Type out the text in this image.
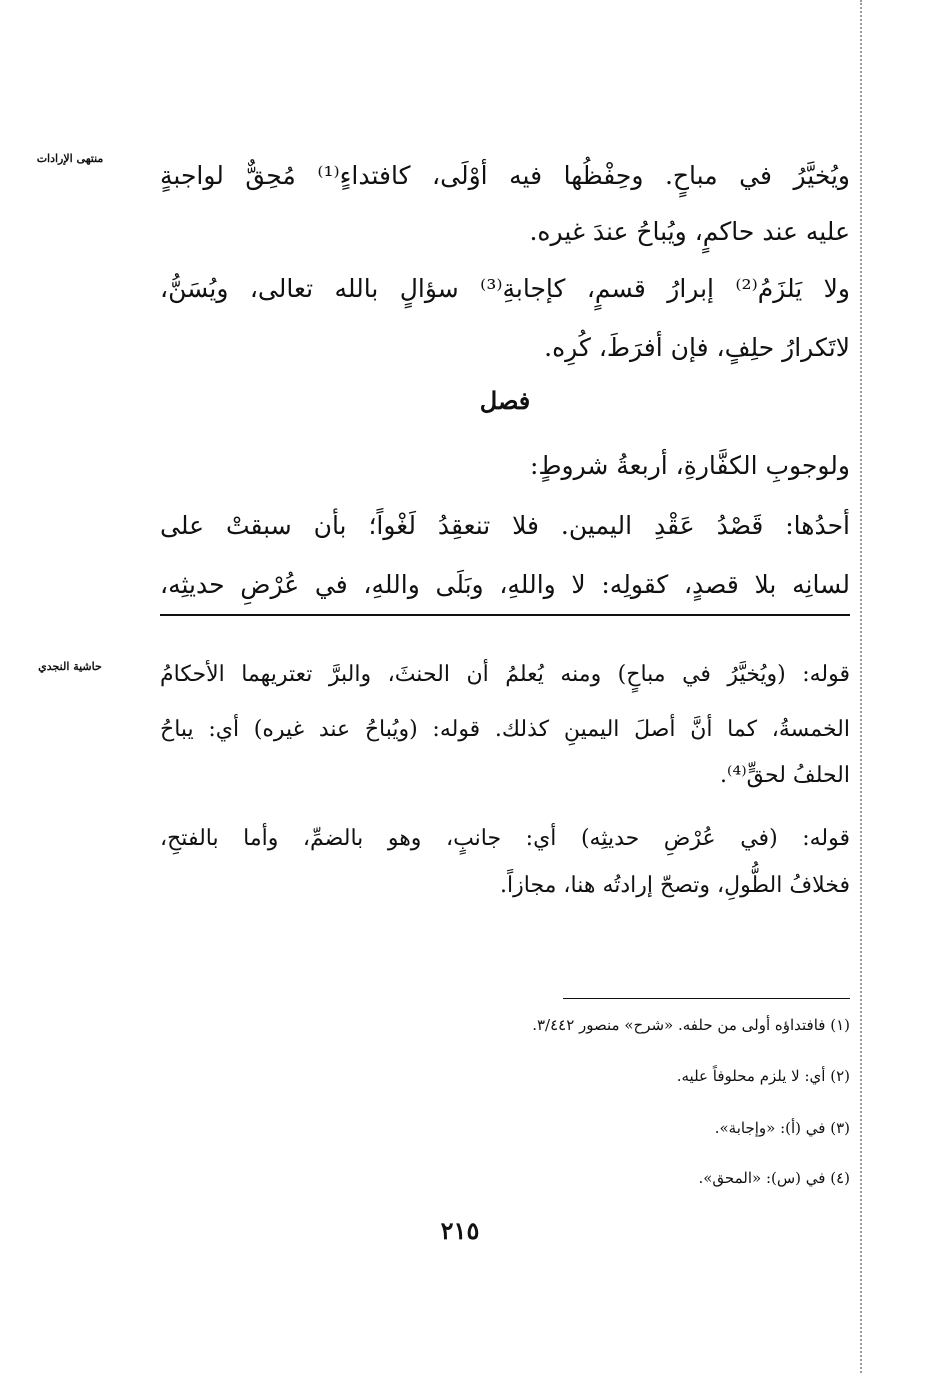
منتهى الإرادات
ويُخيَّرُ في مباحٍ. وحِفْظُها فيه أوْلَى، كافتداءٍ⁽¹⁾ مُحِقٌّ لواجبةٍ
عليه عند حاكمٍ، ويُباحُ عندَ غيره.
ولا يَلزَمُ⁽²⁾ إبرارُ قسمٍ، كإجابةِ⁽³⁾ سؤالٍ بالله تعالى، ويُسَنُّ،
لاتَكرارُ حلِفٍ، فإن أفرَطَ، كُرِه.
فصل
ولوجوبِ الكفَّارةِ، أربعةُ شروطٍ:
أحدُها: قَصْدُ عَقْدِ اليمين. فلا تنعقِدُ لَغْواً؛ بأن سبقتْ على
لسانِه بلا قصدٍ، كقولِه: لا واللهِ، وبَلَى واللهِ، في عُرْضِ حديثِه،
حاشية النجدي	قوله: (ويُخيَّرُ في مباحٍ) ومنه يُعلمُ أن الحنثَ، والبرَّ تعتريهما الأحكامُ
الخمسةُ، كما أنَّ أصلَ اليمينِ كذلك. قوله: (ويُباحُ عند غيره) أي: يباحُ
الحلفُ لحقٍّ⁽⁴⁾.
قوله: (في عُرْضِ حديثِه) أي: جانبٍ، وهو بالضمِّ، وأما بالفتحِ،
فخلافُ الطُّولِ، وتصحّ إرادتُه هنا، مجازاً.
(١) فافتداؤه أولى من حلفه. «شرح» منصور ٣/٤٤٢.
(٢) أي: لا يلزم محلوفاً عليه.
(٣) في (أ): «وإجابة».
(٤) في (س): «المحق».
٢١٥
